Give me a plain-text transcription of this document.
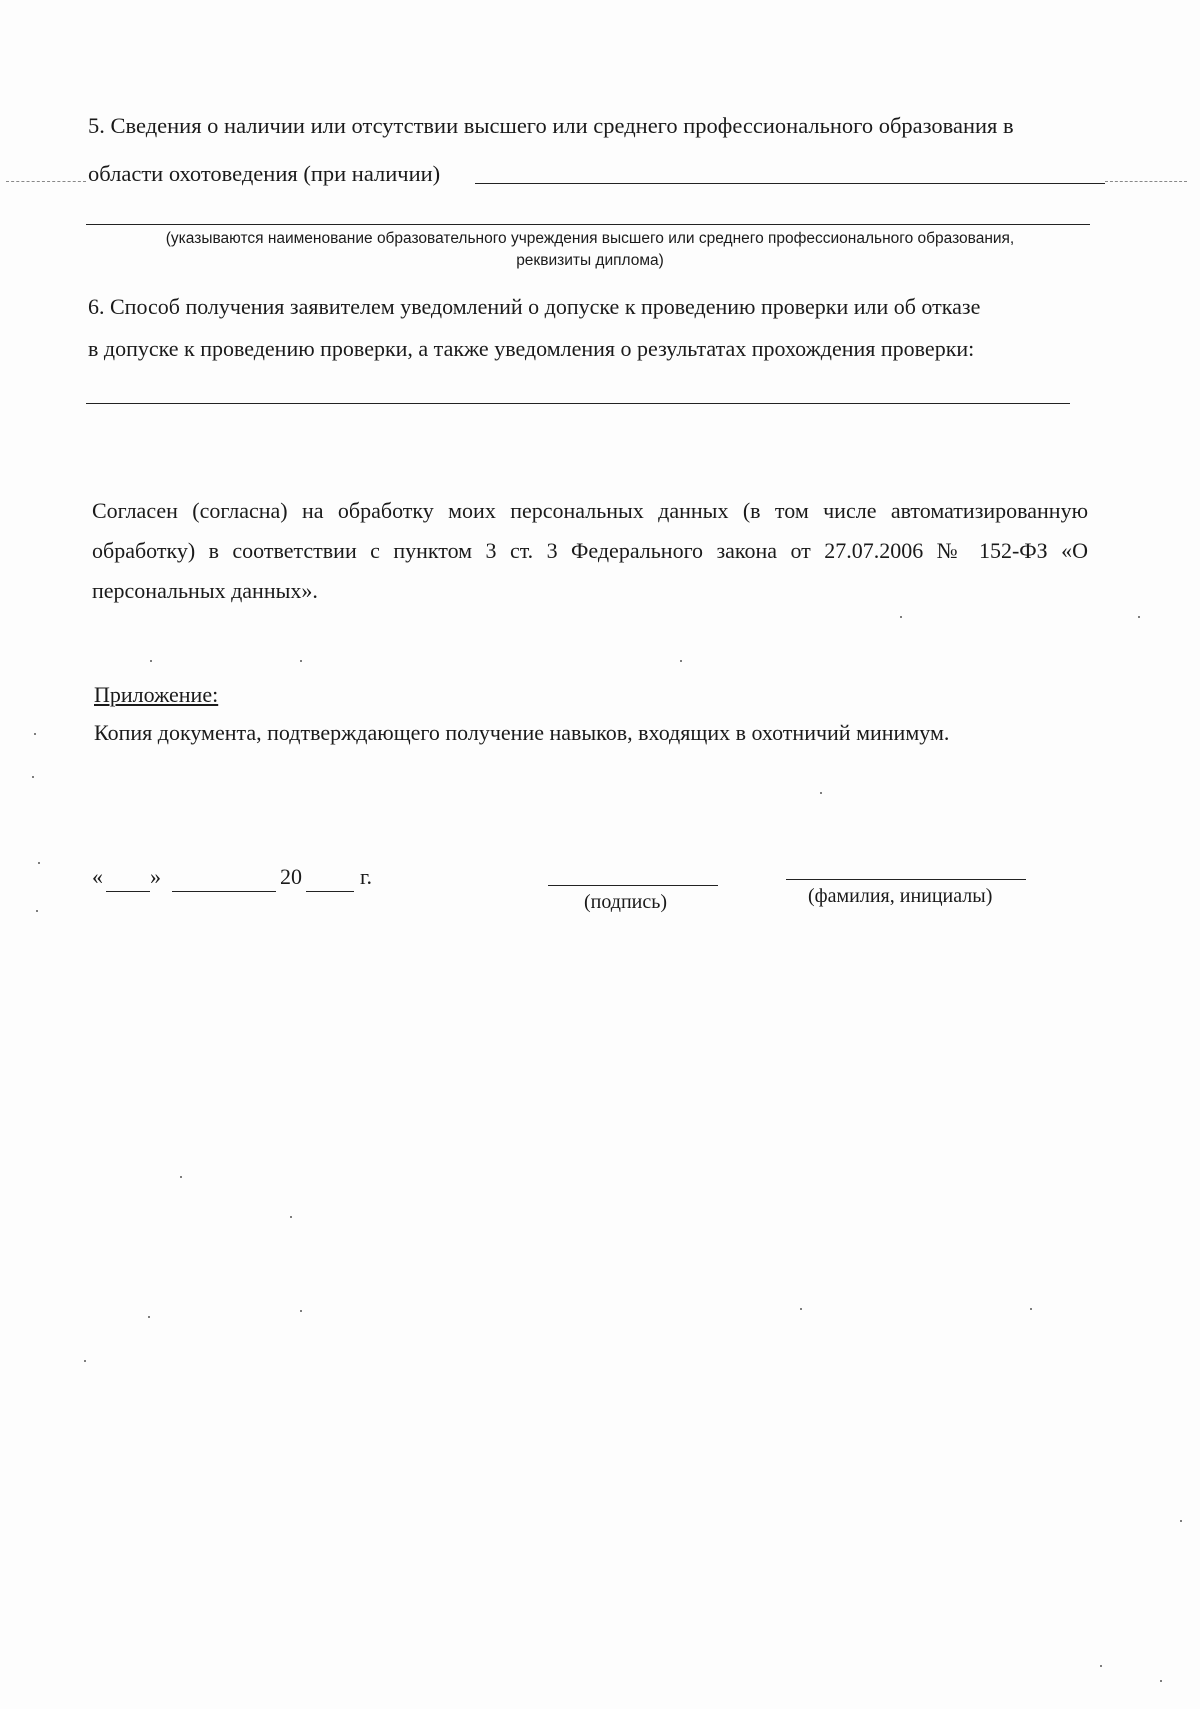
5. Сведения о наличии или отсутствии высшего или среднего профессионального образования в
области охотоведения (при наличии)
(указываются наименование образовательного учреждения высшего или среднего профессионального образования, реквизиты диплома)
6. Способ получения заявителем уведомлений о допуске к проведению проверки или об отказе
в допуске к проведению проверки, а также уведомления о результатах прохождения проверки:
Согласен (согласна) на обработку моих персональных данных (в том числе автоматизированную обработку) в соответствии с пунктом 3 ст. 3 Федерального закона от 27.07.2006 № 152-ФЗ «О персональных данных».
Приложение:
Копия документа, подтверждающего получение навыков, входящих в охотничий минимум.
« »	20	г.
(подпись)	(фамилия, инициалы)
